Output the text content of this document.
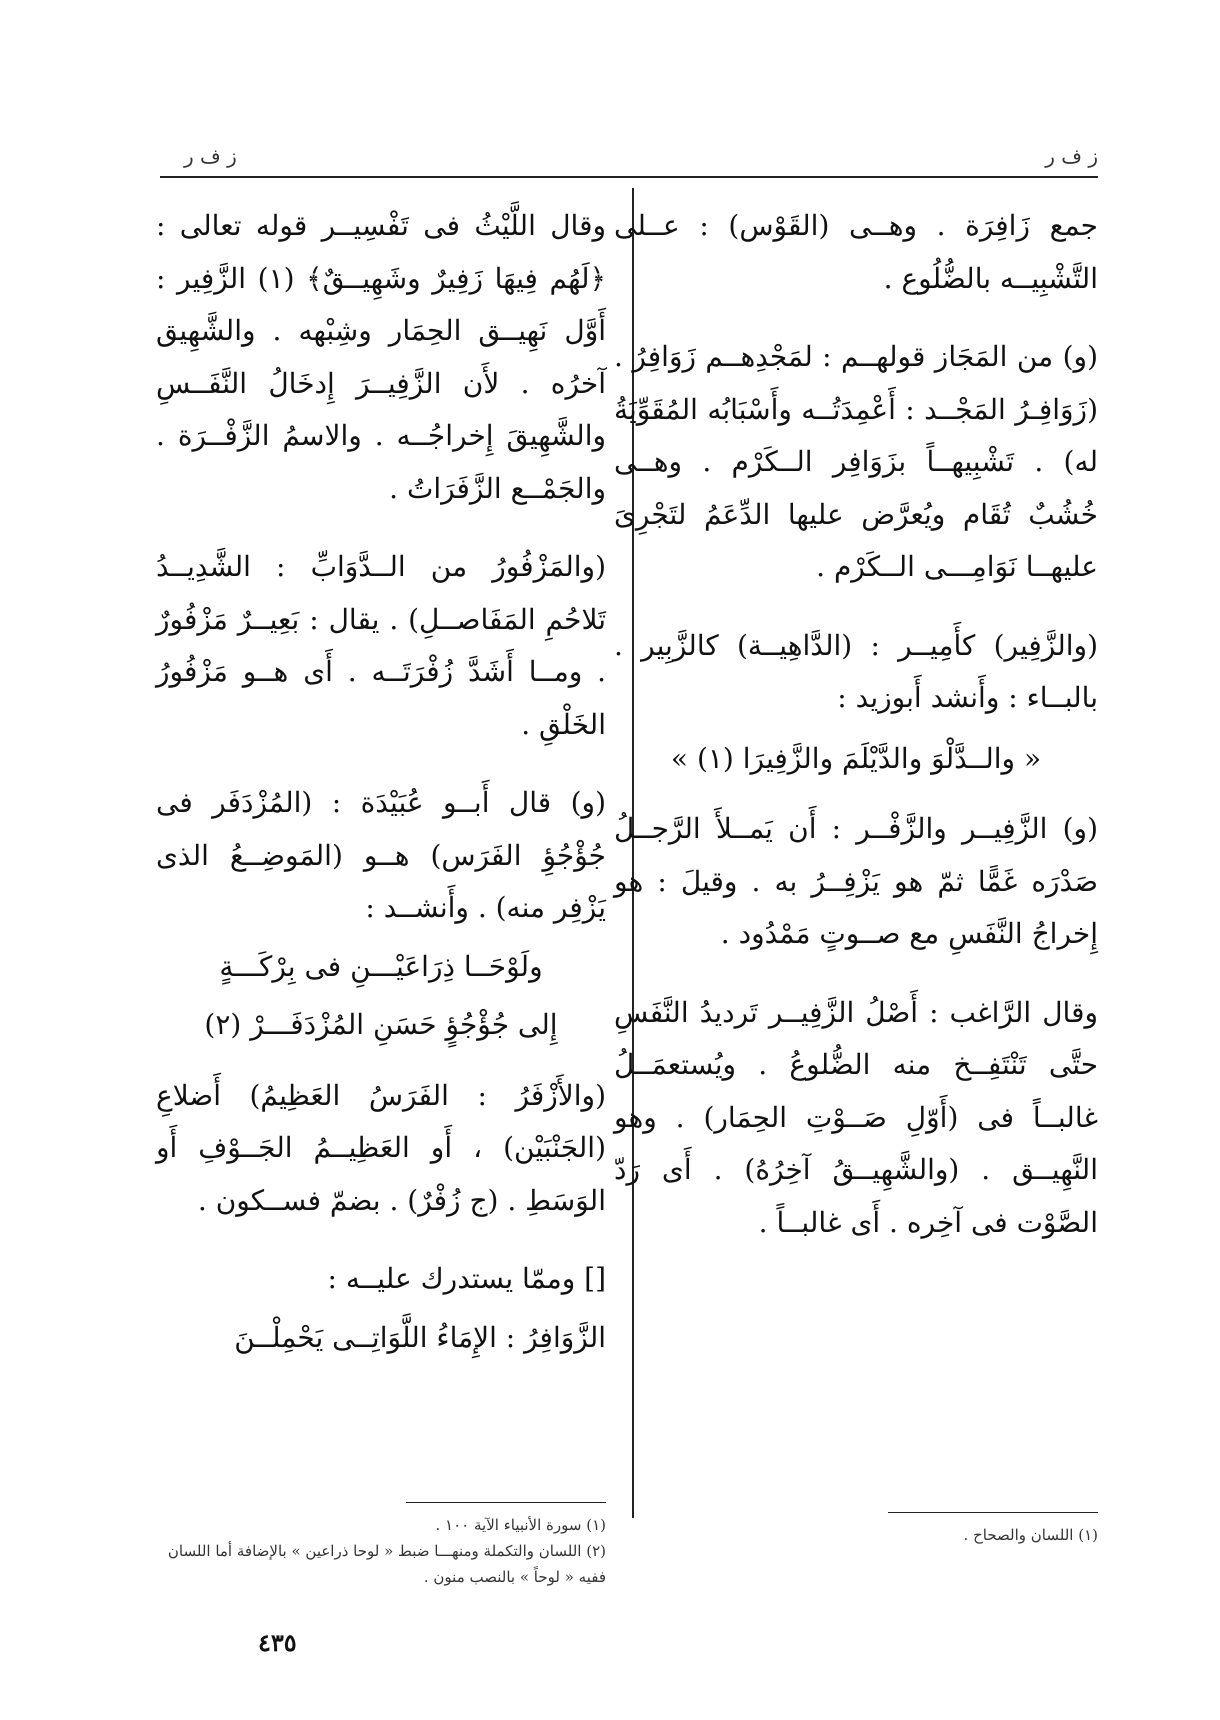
ز ف ر
ز ف ر

جمع زَافِرَة . وهــى (القَوْس) : عــلى التَّشْبِيــه بالضُّلُوع .

(و) من المَجَاز قولهــم : لمَجْدِهــم زَوَافِرُ . (زَوَافِـرُ المَجْــد : أَعْمِدَتُــه وأَسْبَابُه المُقَوِّيَةُ له) . تَشْبِيهــاً بزَوَافِر الــكَرْم . وهــى خُشُبٌ تُقَام ويُعرَّض عليها الدِّعَمُ لتَجْرِىَ عليهــا نَوَامِـــى الــكَرْم .

(والزَّفِير) كأَمِيــر : (الدَّاهِيــة) كالزَّبِير . بالبــاء : وأَنشد أَبوزيد :

« والــدَّلْوَ والدَّيْلَمَ والزَّفِيرَا (١) »

(و) الزَّفِيــر والزَّفْــر : أَن يَمــلأَ الرَّجــلُ صَدْرَه غَمًّا ثمّ هو يَزْفِــرُ به . وقيلَ : هو إِخراجُ النَّفَسِ مع صــوتٍ مَمْدُود .

وقال الرَّاغب : أَصْلُ الزَّفِيــر تَرديدُ النَّفَسِ حتَّى تَنْتَفِــخ منه الضُّلوعُ . ويُستعمَــلُ غالبــاً فى (أَوّلِ صَــوْتِ الحِمَار) . وهو النَّهِيــق . (والشَّهِيــقُ آخِرُهُ) . أَى رَدّ الصَّوْت فى آخِره . أَى غالبــاً .

وقال اللَّيْثُ فى تَفْسِيــر قوله تعالى : ﴿لَهُم فِيهَا زَفِيرٌ وشَهِيــقٌ﴾ (١) الزَّفِير : أَوَّل نَهِيــق الحِمَار وشِبْهه . والشَّهِيق آخرُه . لأَن الزَّفِيــرَ إِدخَالُ النَّفَــسِ والشَّهِيقَ إِخراجُــه . والاسمُ الزَّفْــرَة . والجَمْــع الزَّفَرَاتُ .

(والمَزْفُورُ من الــدَّوَابِّ : الشَّدِيــدُ تَلاحُمِ المَفَاصــلِ) . يقال : بَعِيــرٌ مَزْفُورٌ . ومــا أَشَدَّ زُفْرَتَــه . أَى هــو مَزْفُورُ الخَلْقِ .

(و) قال أَبــو عُبَيْدَة : (المُزْدَفَر فى جُؤْجُؤِ الفَرَس) هــو (المَوضِــعُ الذى يَزْفِر منه) . وأَنشــد :

ولَوْحَــا ذِرَاعَيْـــنِ فى بِرْكَـــةٍ

إِلى جُؤْجُؤٍ حَسَنِ المُزْدَفَـــرْ (٢)

(والأَزْفَرُ : الفَرَسُ العَظِيمُ) أَضلاعِ (الجَنْبَيْن) ، أَو العَظِيــمُ الجَــوْفِ أَو الوَسَطِ . (ج زُفْرٌ) . بضمّ فســكون .

[] وممّا يستدرك عليــه :

الزَّوَافِرُ : الإِمَاءُ اللَّوَاتِــى يَحْمِلْــنَ

(١) اللسان والصحاح .

(١) سورة الأنبياء الآية ١٠٠ .

(٢) اللسان والتكملة ومنهـــا ضبط « لوحا ذراعين » بالإضافة أما اللسان ففيه « لوحاً » بالنصب منون .

٤٣٥
